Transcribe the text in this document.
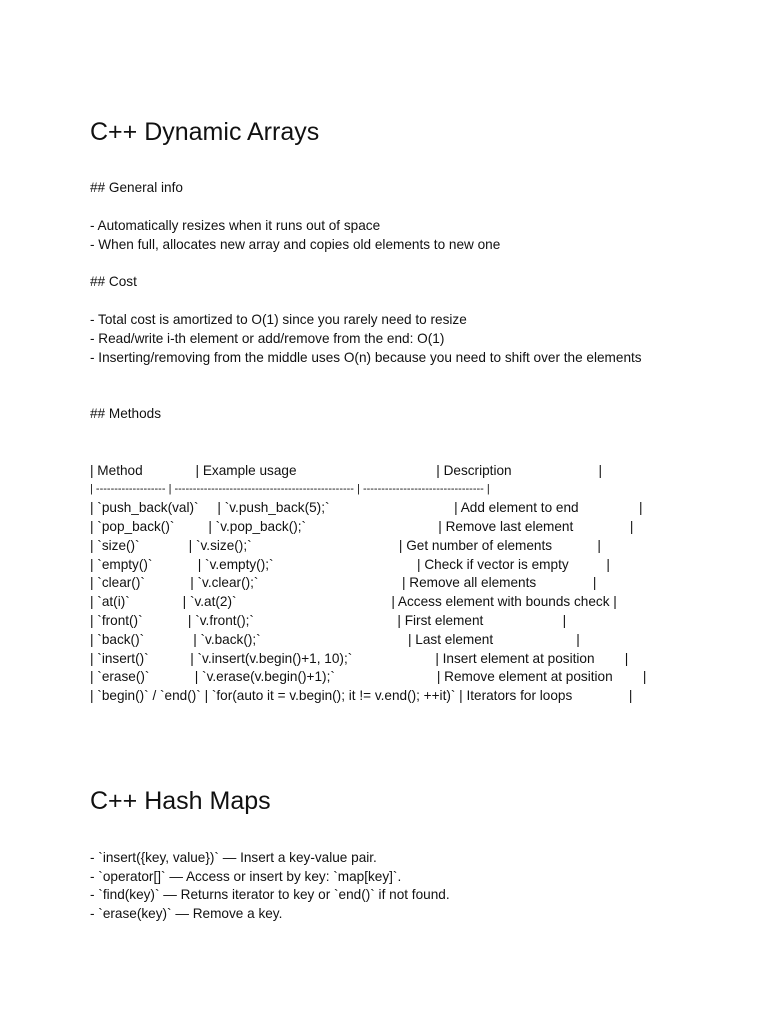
C++ Dynamic Arrays

## General info

- Automatically resizes when it runs out of space

- When full, allocates new array and copies old elements to new one

## Cost

- Total cost is amortized to O(1) since you rarely need to resize

- Read/write i-th element or add/remove from the end: O(1)

- Inserting/removing from the middle uses O(n) because you need to shift over the elements

## Methods

| Method              | Example usage                                     | Description                       |

| ------------------- | ------------------------------------------------- | --------------------------------- |

| `push_back(val)`     | `v.push_back(5);`                                 | Add element to end                |

| `pop_back()`         | `v.pop_back();`                                   | Remove last element               |

| `size()`             | `v.size();`                                       | Get number of elements            |

| `empty()`            | `v.empty();`                                      | Check if vector is empty          |

| `clear()`            | `v.clear();`                                      | Remove all elements               |

| `at(i)`              | `v.at(2)`                                         | Access element with bounds check |

| `front()`            | `v.front();`                                      | First element                     |

| `back()`             | `v.back();`                                       | Last element                      |

| `insert()`           | `v.insert(v.begin()+1, 10);`                      | Insert element at position        |

| `erase()`            | `v.erase(v.begin()+1);`                           | Remove element at position        |

| `begin()` / `end()` | `for(auto it = v.begin(); it != v.end(); ++it)` | Iterators for loops               |

C++ Hash Maps

- `insert({key, value})` — Insert a key-value pair.

- `operator[]` — Access or insert by key: `map[key]`.

- `find(key)` — Returns iterator to key or `end()` if not found.

- `erase(key)` — Remove a key.
